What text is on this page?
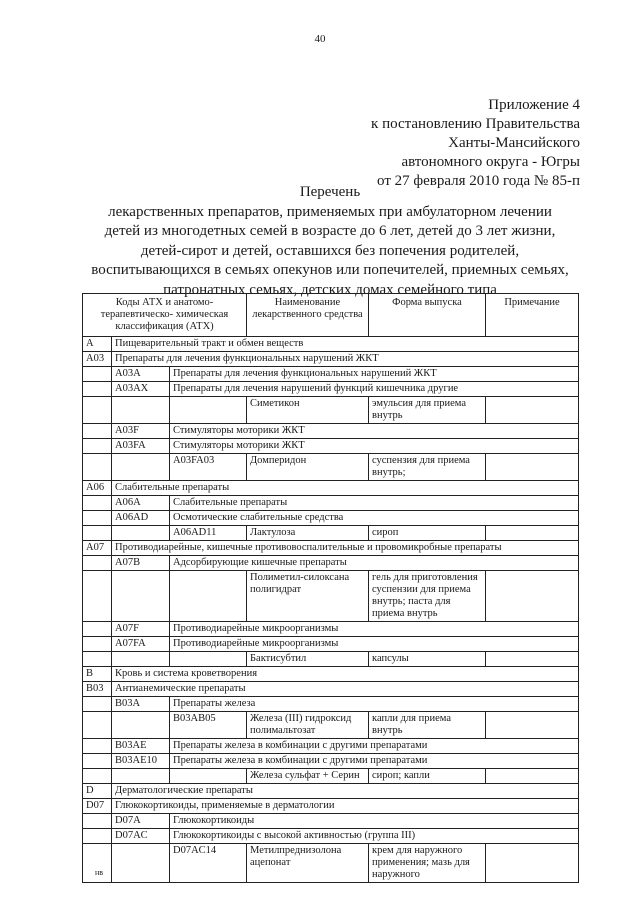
40
Приложение 4
к постановлению Правительства
Ханты-Мансийского
автономного округа - Югры
от 27 февраля 2010 года № 85-п
Перечень
лекарственных препаратов, применяемых при амбулаторном лечении
детей из многодетных семей в возрасте до 6 лет, детей до 3 лет жизни,
детей-сирот и детей, оставшихся без попечения родителей,
воспитывающихся в семьях опекунов или попечителей, приемных семьях,
патронатных семьях, детских домах семейного типа
Коды АТХ и анатомо-терапевтическо- химическая классификация (АТХ)			Наименование лекарственного средства	Форма выпуска	Примечание
A	Пищеварительный тракт и обмен веществ				
A03	Препараты для лечения функциональных нарушений ЖКТ				
	A03A	Препараты для лечения функциональных нарушений ЖКТ			
	A03AX	Препараты для лечения нарушений функций кишечника другие			
			Симетикон	эмульсия для приема внутрь	
	A03F	Стимуляторы моторики ЖКТ			
	A03FA	Стимуляторы моторики ЖКТ			
		A03FA03	Домперидон	суспензия для приема внутрь;	
A06	Слабительные препараты				
	A06A	Слабительные препараты			
	A06AD	Осмотические слабительные средства			
		A06AD11	Лактулоза	сироп	
A07	Противодиарейные, кишечные противовоспалительные и провомикробные препараты				
	A07B	Адсорбирующие кишечные препараты			
			Полиметил-силоксана полигидрат	гель для приготовления суспензии для приема внутрь; паста для приема внутрь	
	A07F	Противодиарейные микроорганизмы			
	A07FA	Противодиарейные микроорганизмы			
			Бактисубтил	капсулы	
B	Кровь и система кроветворения				
B03	Антианемические препараты				
	B03A	Препараты железа			
		B03AB05	Железа (III) гидроксид полимальтозат	капли для приема внутрь	
	B03AE	Препараты железа в комбинации с другими препаратами			
	B03AE10	Препараты железа в комбинации с другими препаратами			
			Железа сульфат + Серин	сироп; капли	
D	Дерматологические препараты				
D07	Глюкокортикоиды, применяемые в дерматологии				
	D07A	Глюкокортикоиды			
	D07AC	Глюкокортикоиды с высокой активностью (группа III)			
		D07AC14	Метилпреднизолона ацепонат	крем для наружного применения; мазь для наружного	
нв
